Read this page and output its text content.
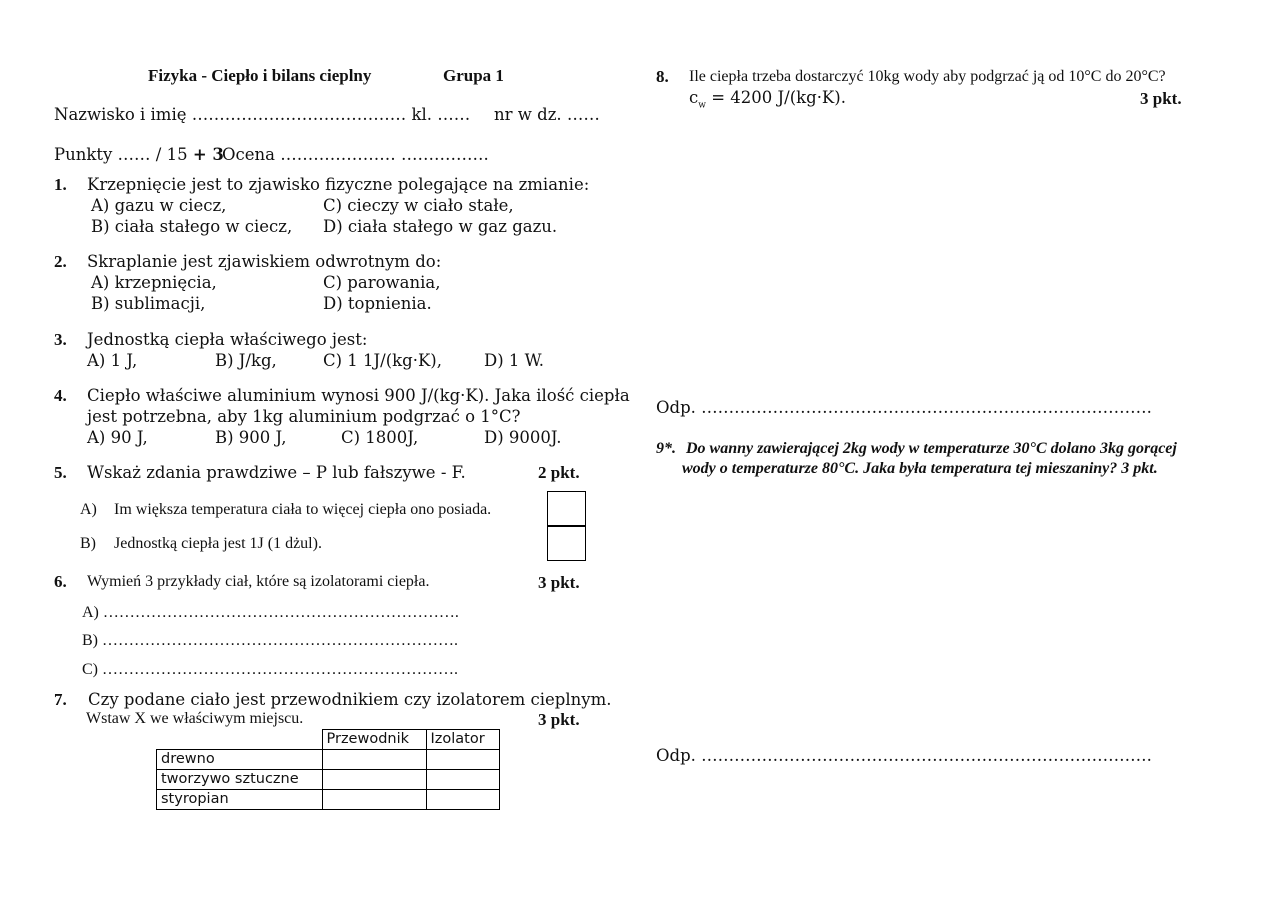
Fizyka - Ciepło i bilans cieplny	Grupa 1
Nazwisko i imię ………………………………… kl. …… nr w dz. ……
Punkty …… / 15 + 3
Ocena ………………… …………….
1. Krzepnięcie jest to zjawisko fizyczne polegające na zmianie:
A) gazu w ciecz,
B) ciała stałego w ciecz,
C) cieczy w ciało stałe,
D) ciała stałego w gaz gazu.
2. Skraplanie jest zjawiskiem odwrotnym do:
A) krzepnięcia,
B) sublimacji,
C) parowania,
D) topnienia.
3. Jednostką ciepła właściwego jest:
A) 1 J,	B) J/kg,	C) 1 1J/(kg·K),	D) 1 W.
4. Ciepło właściwe aluminium wynosi 900 J/(kg·K). Jaka ilość ciepła
jest potrzebna, aby 1kg aluminium podgrzać o 1°C?
A) 90 J,	B) 900 J,	C) 1800J,	D) 9000J.
5. Wskaż zdania prawdziwe – P lub fałszywe - F.	2 pkt.
A) Im większa temperatura ciała to więcej ciepła ono posiada.
B) Jednostką ciepła jest 1J (1 dżul).
6. Wymień 3 przykłady ciał, które są izolatorami ciepła.	3 pkt.
A) ………………………………………………………….
B) ………………………………………………………….
C) ………………………………………………………….
7. Czy podane ciało jest przewodnikiem czy izolatorem cieplnym.
Wstaw X we właściwym miejscu.	3 pkt.
	Przewodnik	Izolator
drewno		
tworzywo sztuczne		
styropian		
8. Ile ciepła trzeba dostarczyć 10kg wody aby podgrzać ją od 10°C do 20°C?
$c_w = 4200$ J/(kg·K).	3 pkt.
Odp. ……………………………………………………………………….
9*. Do wanny zawierającej 2kg wody w temperaturze 30°C dolano 3kg gorącej
wody o temperaturze 80°C. Jaka była temperatura tej mieszaniny? 3 pkt.
Odp. ……………………………………………………………………….
